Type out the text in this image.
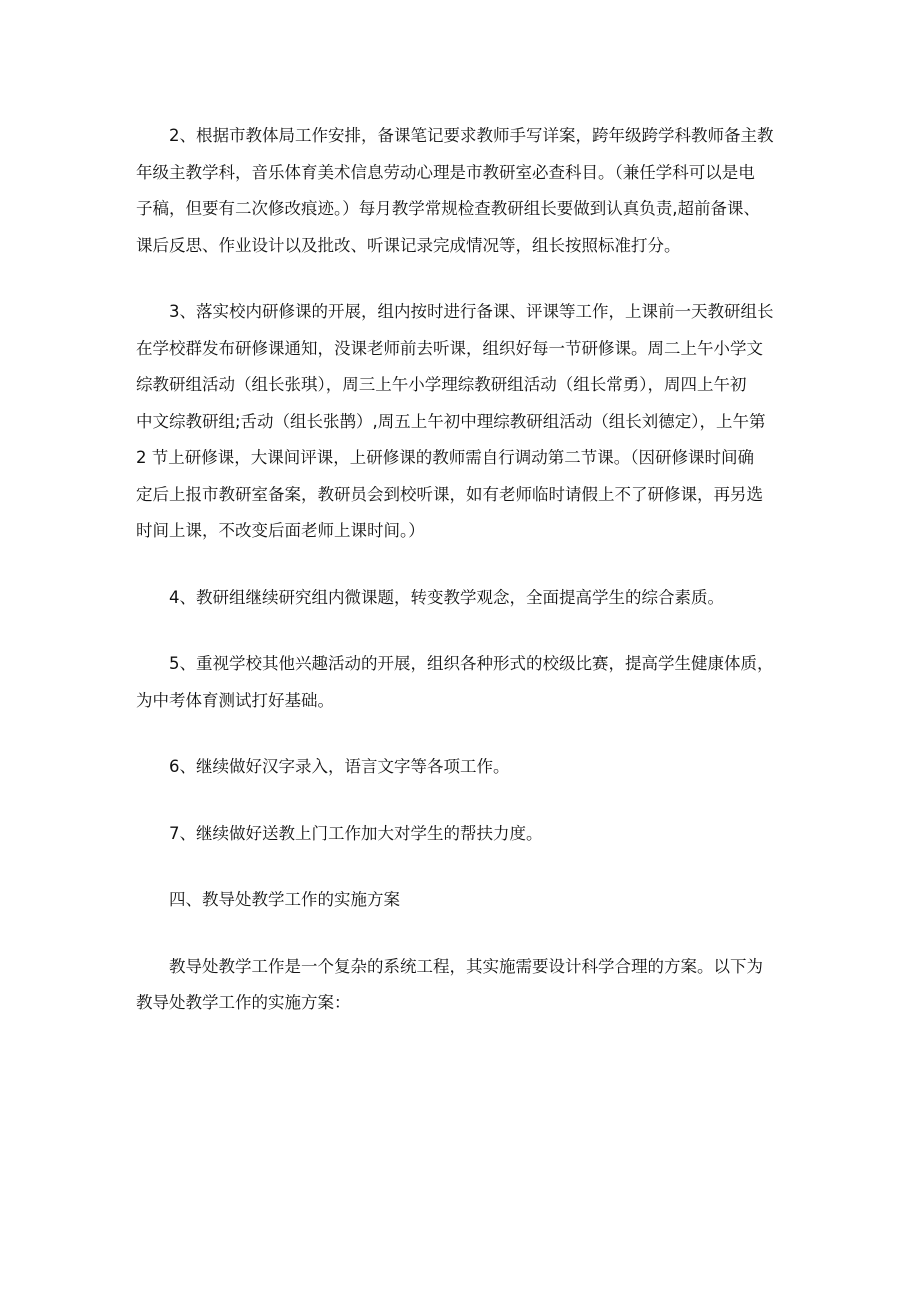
2、根据市教体局工作安排，备课笔记要求教师手写详案，跨年级跨学科教师备主教
年级主教学科，音乐体育美术信息劳动心理是市教研室必查科目。（兼任学科可以是电
子稿，但要有二次修改痕迹。）每月教学常规检查教研组长要做到认真负责,超前备课、
课后反思、作业设计以及批改、听课记录完成情况等，组长按照标准打分。
3、落实校内研修课的开展，组内按时进行备课、评课等工作，上课前一天教研组长
在学校群发布研修课通知，没课老师前去听课，组织好每一节研修课。周二上午小学文
综教研组活动（组长张琪），周三上午小学理综教研组活动（组长常勇），周四上午初
中文综教研组;舌动（组长张鹊）,周五上午初中理综教研组活动（组长刘德定），上午第
2 节上研修课，大课间评课，上研修课的教师需自行调动第二节课。（因研修课时间确
定后上报市教研室备案，教研员会到校听课，如有老师临时请假上不了研修课，再另选
时间上课，不改变后面老师上课时间。）
4、教研组继续研究组内微课题，转变教学观念，全面提高学生的综合素质。
5、重视学校其他兴趣活动的开展，组织各种形式的校级比赛，提高学生健康体质，
为中考体育测试打好基础。
6、继续做好汉字录入，语言文字等各项工作。
7、继续做好送教上门工作加大对学生的帮扶力度。
四、教导处教学工作的实施方案
教导处教学工作是一个复杂的系统工程，其实施需要设计科学合理的方案。以下为
教导处教学工作的实施方案：
